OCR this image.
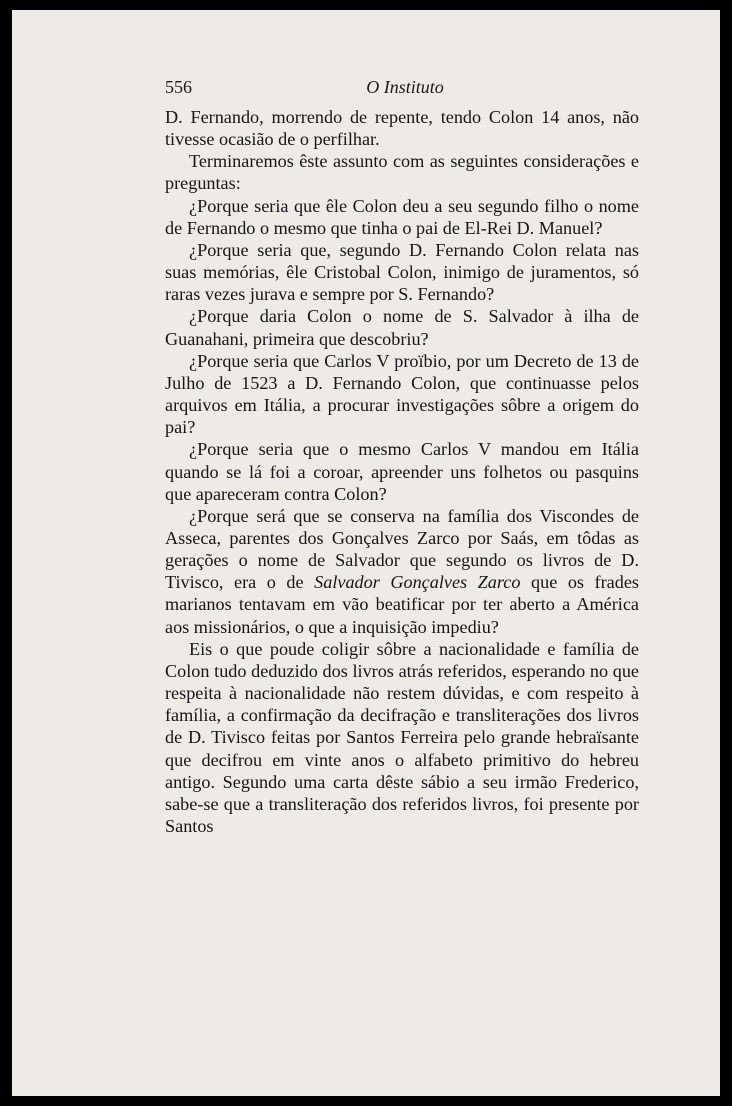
556	O Instituto

D. Fernando, morrendo de repente, tendo Colon 14 anos, não tivesse ocasião de o perfilhar.

Terminaremos êste assunto com as seguintes considerações e preguntas:

¿Porque seria que êle Colon deu a seu segundo filho o nome de Fernando o mesmo que tinha o pai de El-Rei D. Manuel?

¿Porque seria que, segundo D. Fernando Colon relata nas suas memórias, êle Cristobal Colon, inimigo de juramentos, só raras vezes jurava e sempre por S. Fernando?

¿Porque daria Colon o nome de S. Salvador à ilha de Guanahani, primeira que descobriu?

¿Porque seria que Carlos V proïbio, por um Decreto de 13 de Julho de 1523 a D. Fernando Colon, que continuasse pelos arquivos em Itália, a procurar investigações sôbre a origem do pai?

¿Porque seria que o mesmo Carlos V mandou em Itália quando se lá foi a coroar, apreender uns folhetos ou pasquins que apareceram contra Colon?

¿Porque será que se conserva na família dos Viscondes de Asseca, parentes dos Gonçalves Zarco por Saás, em tôdas as gerações o nome de Salvador que segundo os livros de D. Tivisco, era o de Salvador Gonçalves Zarco que os frades marianos tentavam em vão beatificar por ter aberto a América aos missionários, o que a inquisição impediu?

Eis o que poude coligir sôbre a nacionalidade e família de Colon tudo deduzido dos livros atrás referidos, esperando no que respeita à nacionalidade não restem dúvidas, e com respeito à família, a confirmação da decifração e transliterações dos livros de D. Tivisco feitas por Santos Ferreira pelo grande hebraïsante que decifrou em vinte anos o alfabeto primitivo do hebreu antigo. Segundo uma carta dêste sábio a seu irmão Frederico, sabe-se que a transliteração dos referidos livros, foi presente por Santos
